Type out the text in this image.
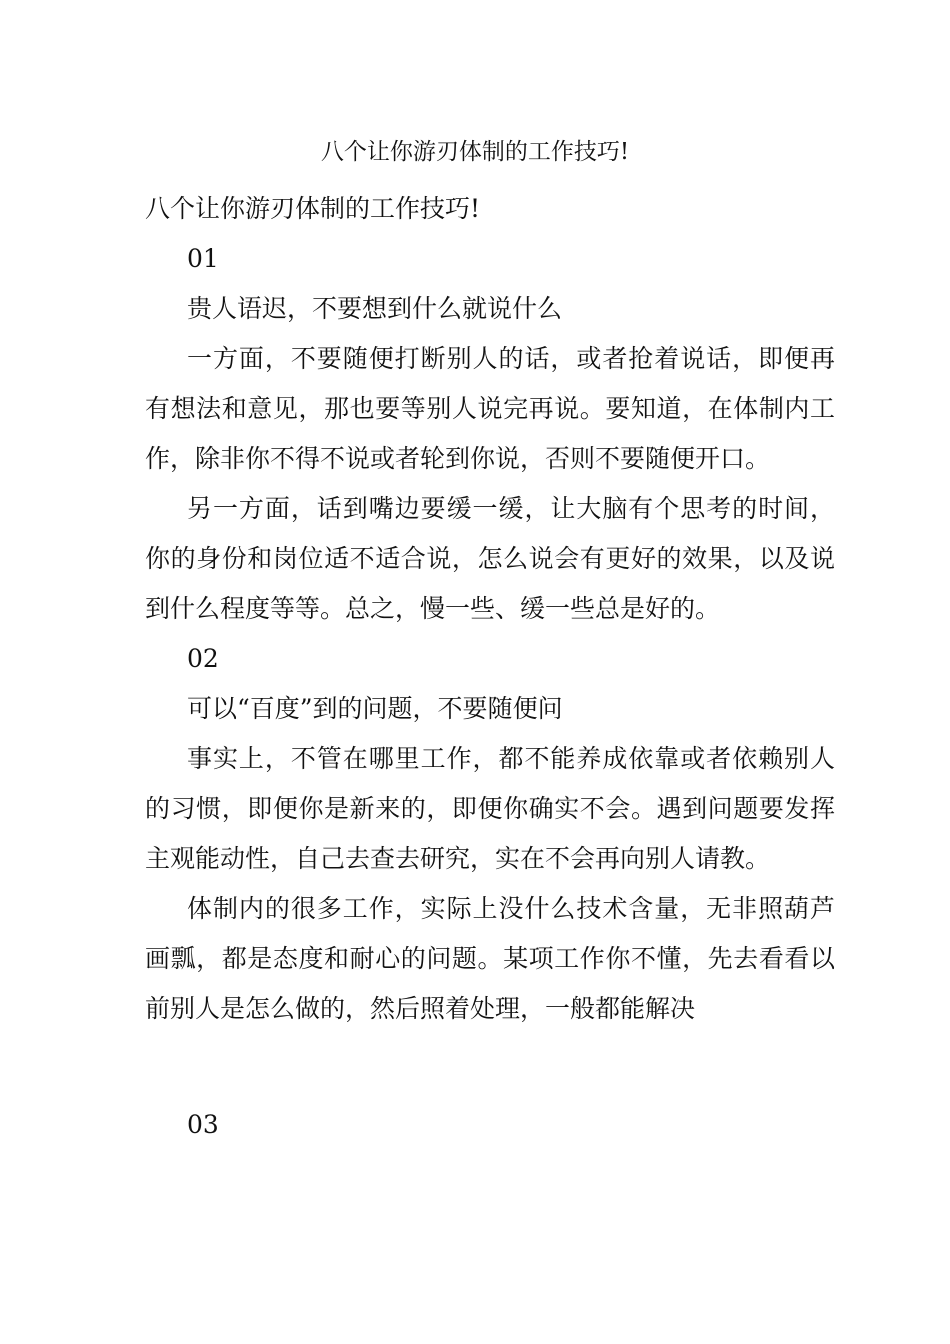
八个让你游刃体制的工作技巧!

八个让你游刃体制的工作技巧!

01

贵人语迟，不要想到什么就说什么

一方面，不要随便打断别人的话，或者抢着说话，即便再有想法和意见，那也要等别人说完再说。要知道，在体制内工作，除非你不得不说或者轮到你说，否则不要随便开口。

另一方面，话到嘴边要缓一缓，让大脑有个思考的时间，你的身份和岗位适不适合说，怎么说会有更好的效果，以及说到什么程度等等。总之，慢一些、缓一些总是好的。

02

可以“百度”到的问题，不要随便问

事实上，不管在哪里工作，都不能养成依靠或者依赖别人的习惯，即便你是新来的，即便你确实不会。遇到问题要发挥主观能动性，自己去查去研究，实在不会再向别人请教。

体制内的很多工作，实际上没什么技术含量，无非照葫芦画瓢，都是态度和耐心的问题。某项工作你不懂，先去看看以前别人是怎么做的，然后照着处理，一般都能解决

03
